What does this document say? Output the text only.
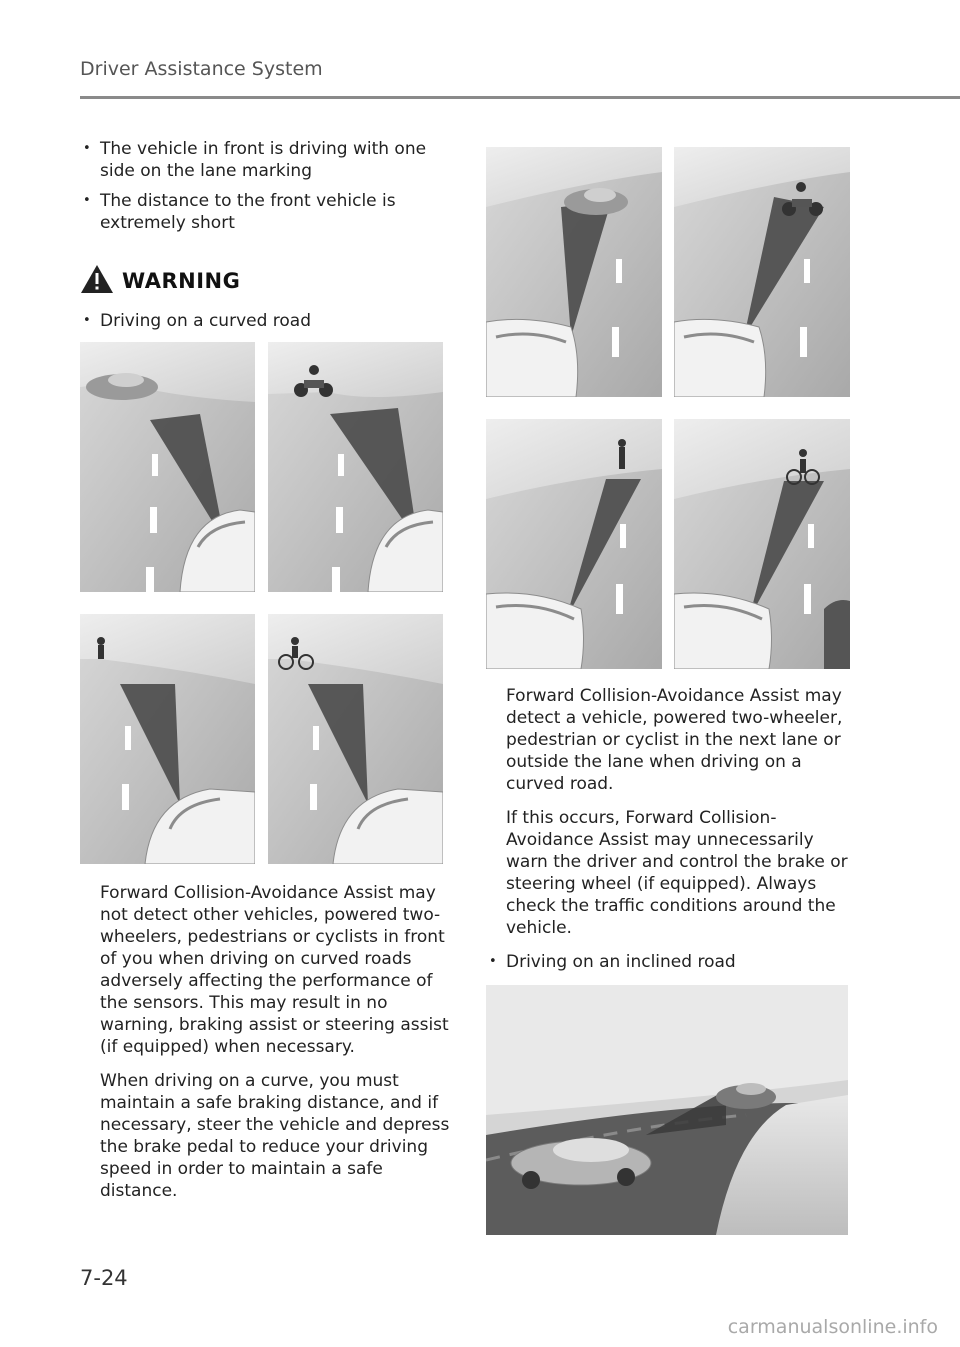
Driver Assistance System
• The vehicle in front is driving with one side on the lane marking
• The distance to the front vehicle is extremely short
WARNING
• Driving on a curved road

Forward Collision-Avoidance Assist may not detect other vehicles, powered two-wheelers, pedestrians or cyclists in front of you when driving on curved roads adversely affecting the performance of the sensors. This may result in no warning, braking assist or steering assist (if equipped) when necessary.

When driving on a curve, you must maintain a safe braking distance, and if necessary, steer the vehicle and depress the brake pedal to reduce your driving speed in order to maintain a safe distance.

Forward Collision-Avoidance Assist may detect a vehicle, powered two-wheeler, pedestrian or cyclist in the next lane or outside the lane when driving on a curved road.

If this occurs, Forward Collision-Avoidance Assist may unnecessarily warn the driver and control the brake or steering wheel (if equipped). Always check the traffic conditions around the vehicle.

• Driving on an inclined road
7-24
carmanualsonline.info
